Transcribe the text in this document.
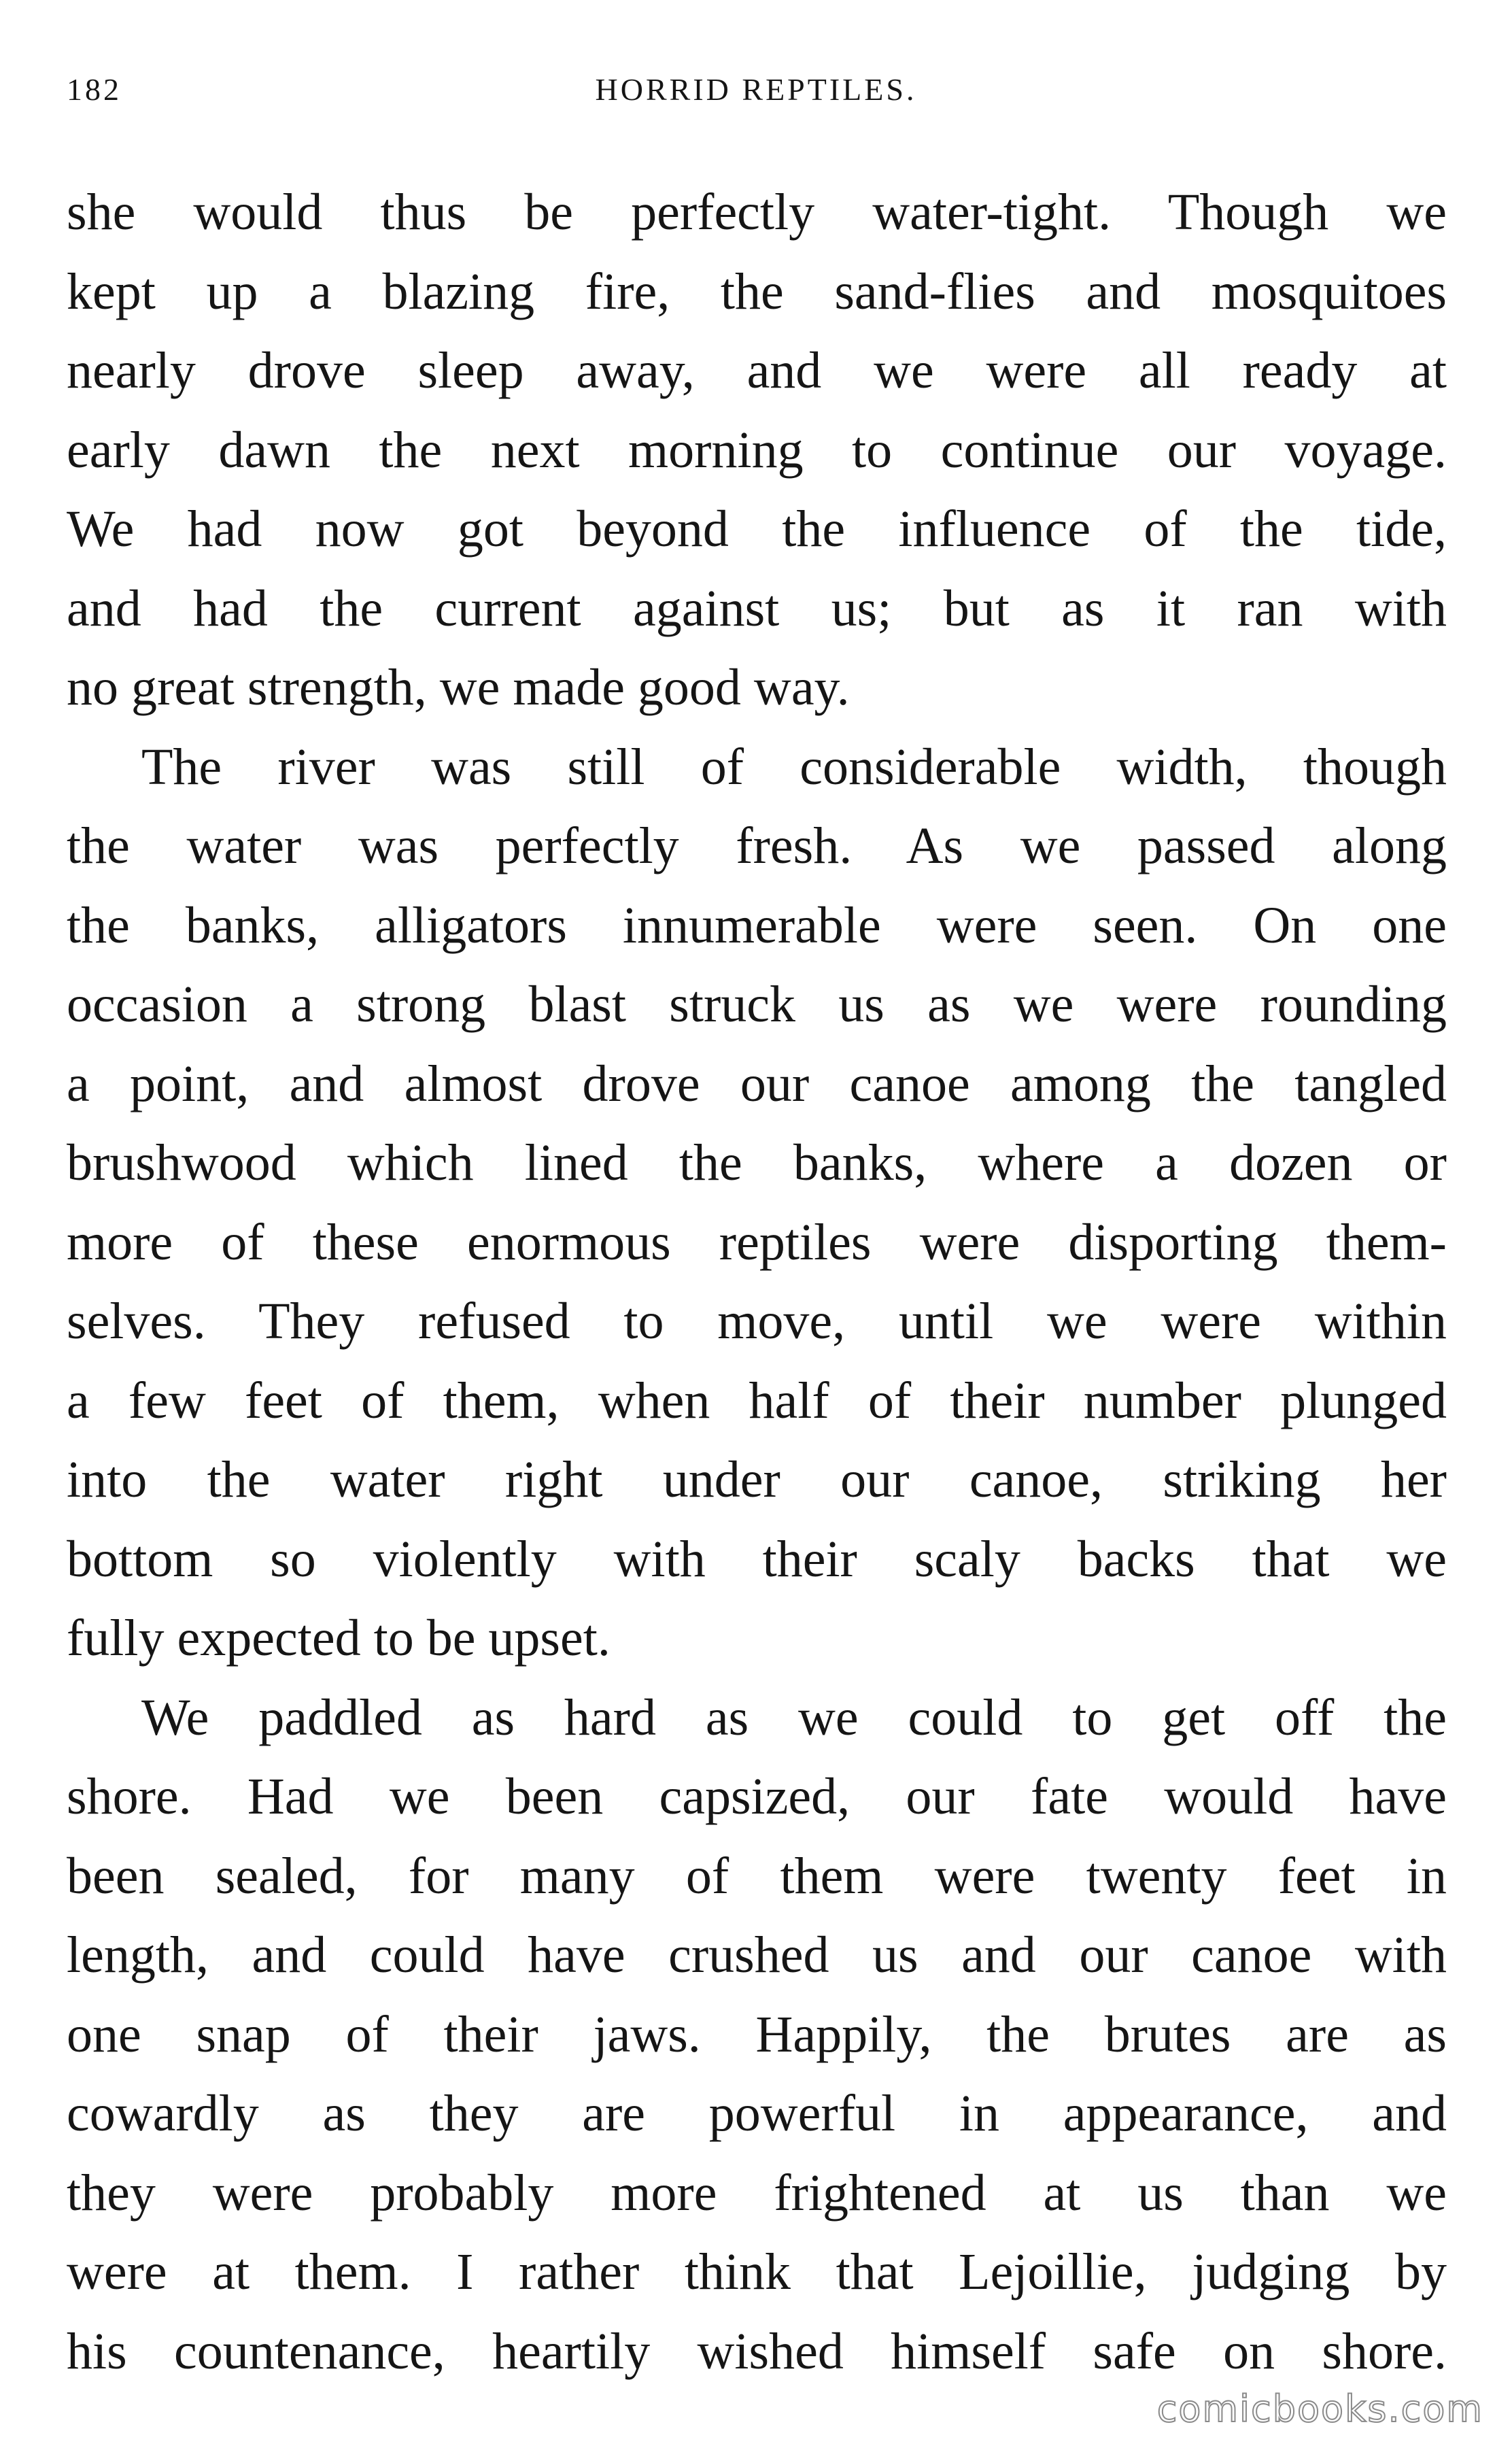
182	HORRID REPTILES.
she would thus be perfectly water-tight. Though we
kept up a blazing fire, the sand-flies and mosquitoes
nearly drove sleep away, and we were all ready at
early dawn the next morning to continue our voyage.
We had now got beyond the influence of the tide,
and had the current against us; but as it ran with
no great strength, we made good way.
The river was still of considerable width, though
the water was perfectly fresh. As we passed along
the banks, alligators innumerable were seen. On one
occasion a strong blast struck us as we were rounding
a point, and almost drove our canoe among the tangled
brushwood which lined the banks, where a dozen or
more of these enormous reptiles were disporting them-
selves. They refused to move, until we were within
a few feet of them, when half of their number plunged
into the water right under our canoe, striking her
bottom so violently with their scaly backs that we
fully expected to be upset.
We paddled as hard as we could to get off the
shore. Had we been capsized, our fate would have
been sealed, for many of them were twenty feet in
length, and could have crushed us and our canoe with
one snap of their jaws. Happily, the brutes are as
cowardly as they are powerful in appearance, and
they were probably more frightened at us than we
were at them. I rather think that Lejoillie, judging by
his countenance, heartily wished himself safe on shore.
comicbooks.com
